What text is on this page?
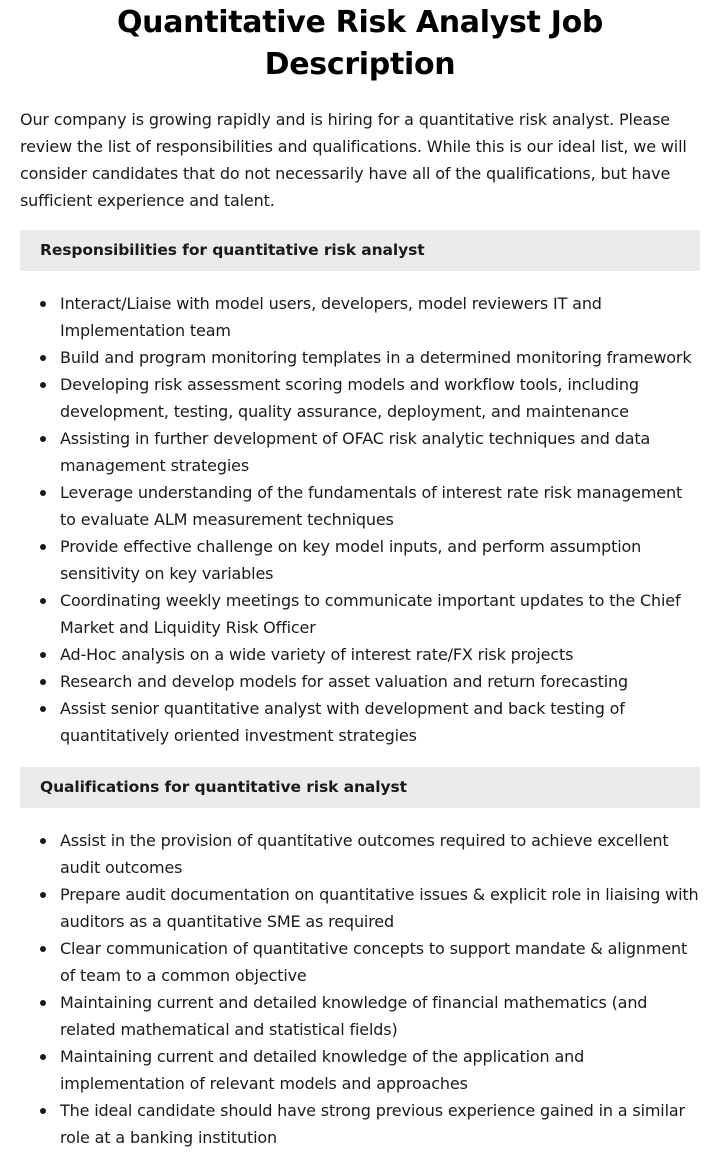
Quantitative Risk Analyst Job Description

Our company is growing rapidly and is hiring for a quantitative risk analyst. Please review the list of responsibilities and qualifications. While this is our ideal list, we will consider candidates that do not necessarily have all of the qualifications, but have sufficient experience and talent.

Responsibilities for quantitative risk analyst
Interact/Liaise with model users, developers, model reviewers IT and Implementation team
Build and program monitoring templates in a determined monitoring framework
Developing risk assessment scoring models and workflow tools, including development, testing, quality assurance, deployment, and maintenance
Assisting in further development of OFAC risk analytic techniques and data management strategies
Leverage understanding of the fundamentals of interest rate risk management to evaluate ALM measurement techniques
Provide effective challenge on key model inputs, and perform assumption sensitivity on key variables
Coordinating weekly meetings to communicate important updates to the Chief Market and Liquidity Risk Officer
Ad-Hoc analysis on a wide variety of interest rate/FX risk projects
Research and develop models for asset valuation and return forecasting
Assist senior quantitative analyst with development and back testing of quantitatively oriented investment strategies
Qualifications for quantitative risk analyst
Assist in the provision of quantitative outcomes required to achieve excellent audit outcomes
Prepare audit documentation on quantitative issues & explicit role in liaising with auditors as a quantitative SME as required
Clear communication of quantitative concepts to support mandate & alignment of team to a common objective
Maintaining current and detailed knowledge of financial mathematics (and related mathematical and statistical fields)
Maintaining current and detailed knowledge of the application and implementation of relevant models and approaches
The ideal candidate should have strong previous experience gained in a similar role at a banking institution
